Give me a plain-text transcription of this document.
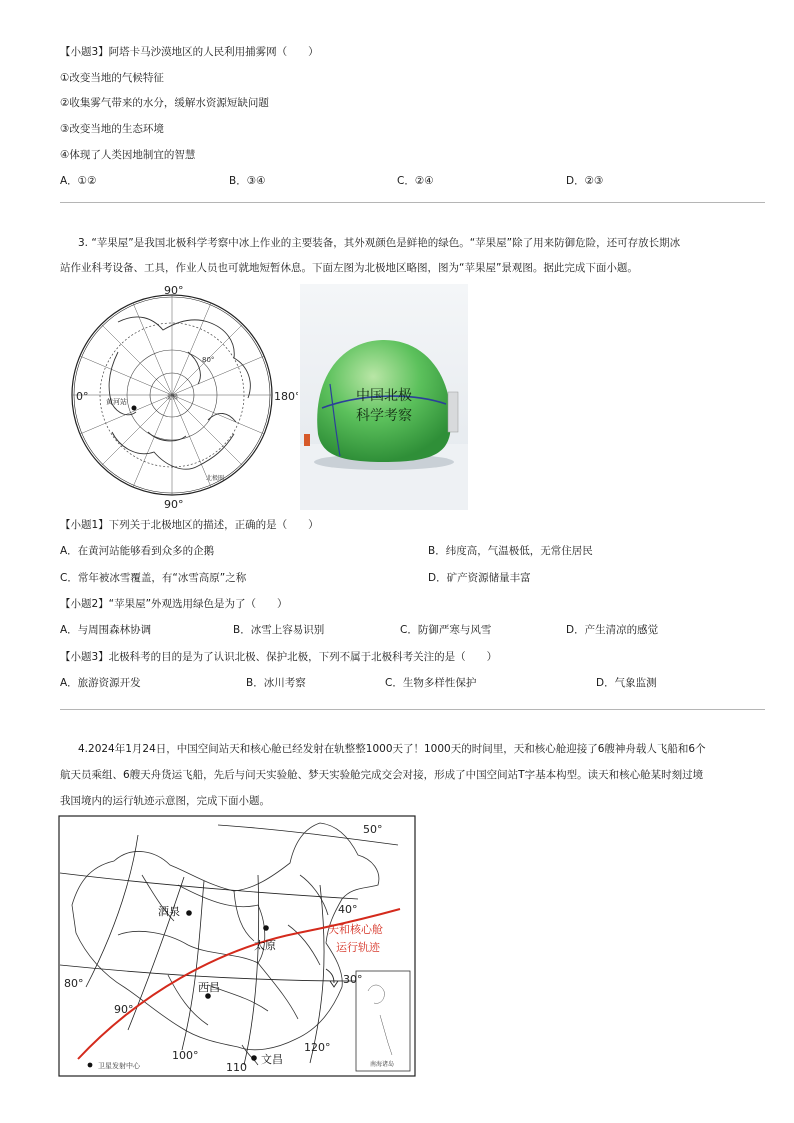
【小题3】阿塔卡马沙漠地区的人民利用捕雾网（　　）
①改变当地的气候特征
②收集雾气带来的水分，缓解水资源短缺问题
③改变当地的生态环境
④体现了人类因地制宜的智慧
A．①②	B．③④	C．②④	D．②③
3. “苹果屋”是我国北极科学考察中冰上作业的主要装备，其外观颜色是鲜艳的绿色。“苹果屋”除了用来防御危险，还可存放长期冰
站作业科考设备、工具，作业人员也可就地短暂休息。下面左图为北极地区略图，图为“苹果屋”景观图。据此完成下面小题。
0°	180°
90°
90°
80°
黄河站
北极
北极圈
中国北极
科学考察
【小题1】下列关于北极地区的描述，正确的是（　　）
A．在黄河站能够看到众多的企鹅	B．纬度高，气温极低，无常住居民
C．常年被冰雪覆盖，有“冰雪高原”之称	D．矿产资源储量丰富
【小题2】“苹果屋”外观选用绿色是为了（　　）
A．与周围森林协调	B．冰雪上容易识别	C．防御严寒与风雪	D．产生清凉的感觉
【小题3】北极科考的目的是为了认识北极、保护北极，下列不属于北极科考关注的是（　　）
A．旅游资源开发	B．冰川考察	C．生物多样性保护	D．气象监测
4.2024年1月24日，中国空间站天和核心舱已经发射在轨整整1000天了！1000天的时间里，天和核心舱迎接了6艘神舟载人飞船和6个
航天员乘组、6艘天舟货运飞船，先后与问天实验舱、梦天实验舱完成交会对接，形成了中国空间站T字基本构型。读天和核心舱某时刻过境
我国境内的运行轨迹示意图，完成下面小题。
50°
40°
30°
80°
90°
100°
110
120°
酒泉
太原
西昌
文昌
天和核心舱
运行轨迹
卫星发射中心	南海诸岛
